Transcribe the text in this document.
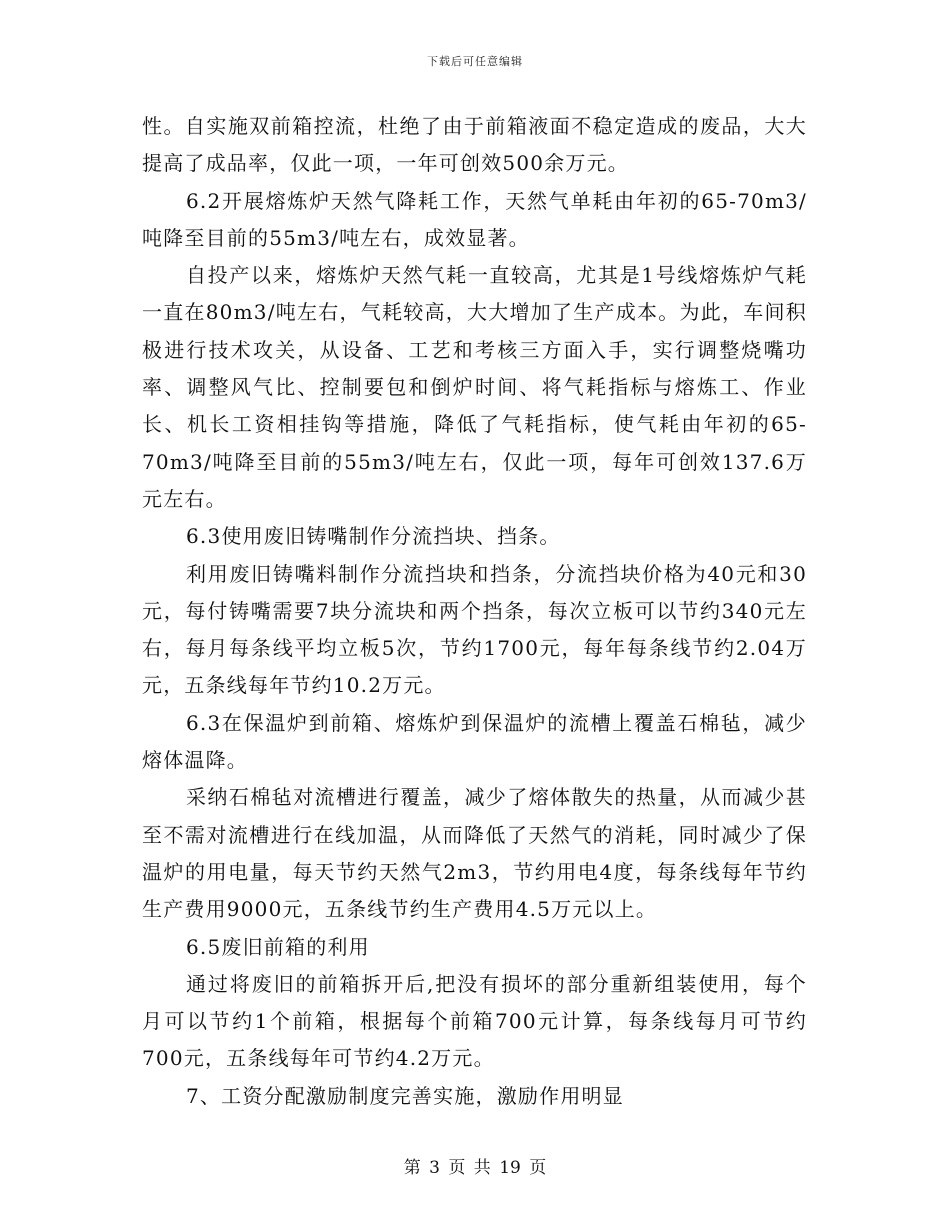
下载后可任意编辑

性。自实施双前箱控流，杜绝了由于前箱液面不稳定造成的废品，大大提高了成品率，仅此一项，一年可创效500余万元。

6.2开展熔炼炉天然气降耗工作，天然气单耗由年初的65-70m3/吨降至目前的55m3/吨左右，成效显著。

自投产以来，熔炼炉天然气耗一直较高，尤其是1号线熔炼炉气耗一直在80m3/吨左右，气耗较高，大大增加了生产成本。为此，车间积极进行技术攻关，从设备、工艺和考核三方面入手，实行调整烧嘴功率、调整风气比、控制要包和倒炉时间、将气耗指标与熔炼工、作业长、机长工资相挂钩等措施，降低了气耗指标，使气耗由年初的65-70m3/吨降至目前的55m3/吨左右，仅此一项，每年可创效137.6万元左右。

6.3使用废旧铸嘴制作分流挡块、挡条。

利用废旧铸嘴料制作分流挡块和挡条，分流挡块价格为40元和30元，每付铸嘴需要7块分流块和两个挡条，每次立板可以节约340元左右，每月每条线平均立板5次，节约1700元，每年每条线节约2.04万元，五条线每年节约10.2万元。

6.3在保温炉到前箱、熔炼炉到保温炉的流槽上覆盖石棉毡，减少熔体温降。

采纳石棉毡对流槽进行覆盖，减少了熔体散失的热量，从而减少甚至不需对流槽进行在线加温，从而降低了天然气的消耗，同时减少了保温炉的用电量，每天节约天然气2m3，节约用电4度，每条线每年节约生产费用9000元，五条线节约生产费用4.5万元以上。

6.5废旧前箱的利用

通过将废旧的前箱拆开后,把没有损坏的部分重新组装使用，每个月可以节约1个前箱，根据每个前箱700元计算，每条线每月可节约700元，五条线每年可节约4.2万元。

7、工资分配激励制度完善实施，激励作用明显

第 3 页 共 19 页
